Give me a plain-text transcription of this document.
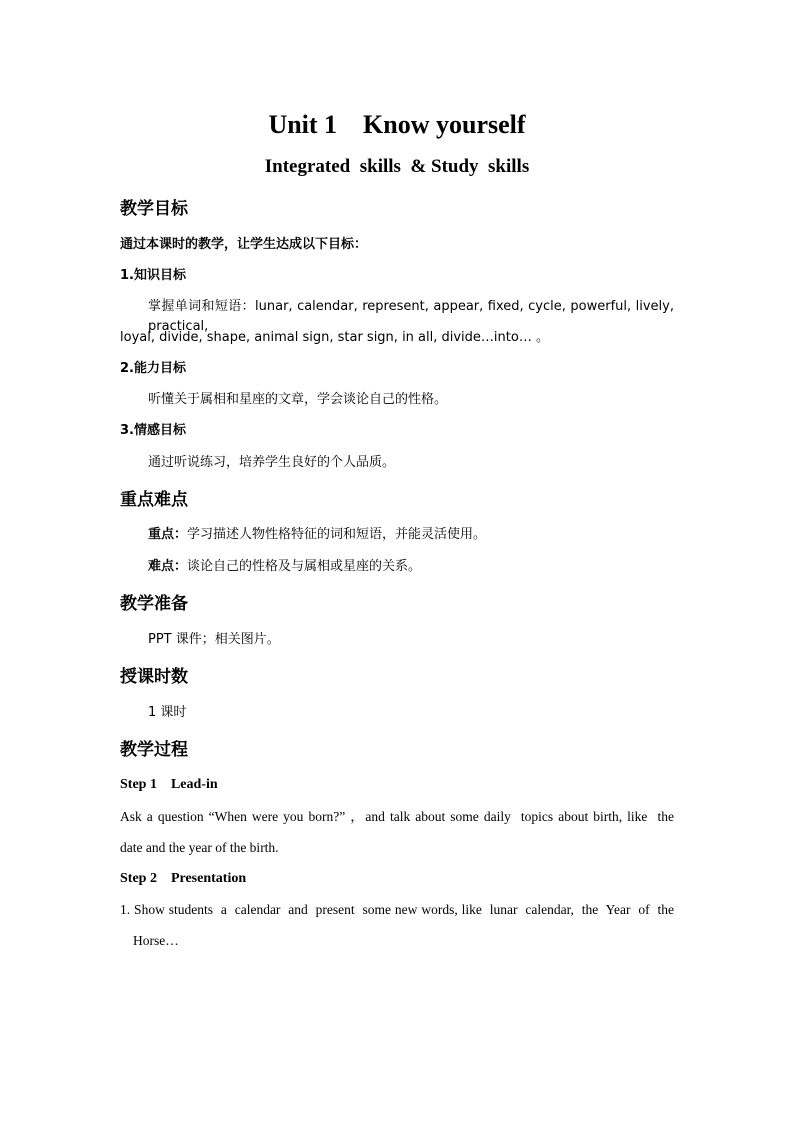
Unit 1    Know yourself
Integrated  skills  & Study  skills
教学目标
通过本课时的教学，让学生达成以下目标：
1.知识目标
掌握单词和短语：lunar, calendar, represent, appear, fixed, cycle, powerful, lively, practical,
loyal, divide, shape, animal sign, star sign, in all, divide…into… 。
2.能力目标
听懂关于属相和星座的文章，学会谈论自己的性格。
3.情感目标
通过听说练习，培养学生良好的个人品质。
重点难点
重点：学习描述人物性格特征的词和短语，并能灵活使用。
难点：谈论自己的性格及与属相或星座的关系。
教学准备
PPT 课件；相关图片。
授课时数
1 课时
教学过程
Step 1    Lead-in
Ask a question “When were you born?” ，and talk about some daily  topics about birth, like  the
date and the year of the birth.
Step 2    Presentation
1. Show students  a  calendar  and  present  some new words, like  lunar  calendar,  the  Year  of  the
Horse…
